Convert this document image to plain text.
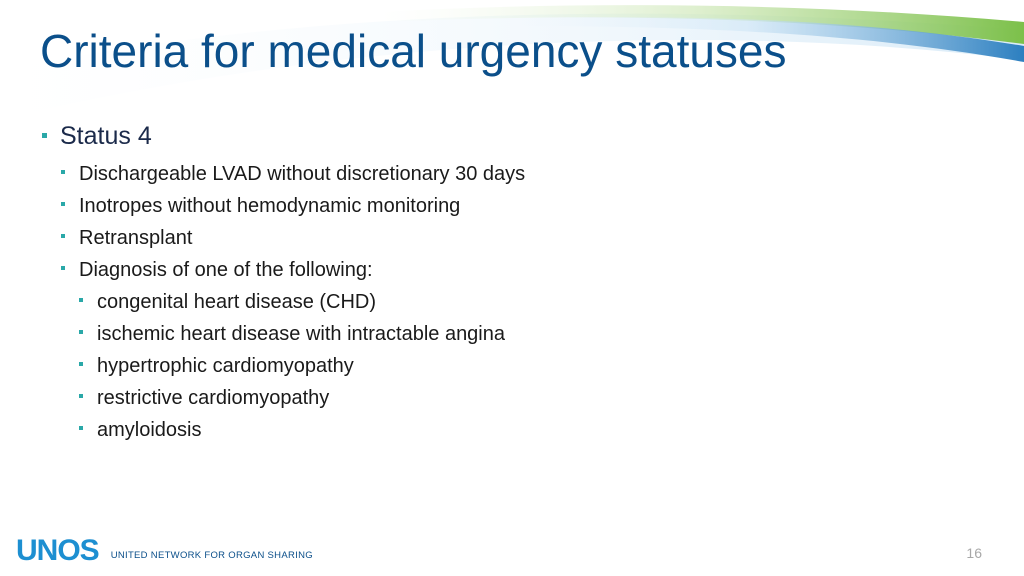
Criteria for medical urgency statuses
Status 4
Dischargeable LVAD without discretionary 30 days
Inotropes without hemodynamic monitoring
Retransplant
Diagnosis of one of the following:
congenital heart disease (CHD)
ischemic heart disease with intractable angina
hypertrophic cardiomyopathy
restrictive cardiomyopathy
amyloidosis
UNOS UNITED NETWORK FOR ORGAN SHARING	16
